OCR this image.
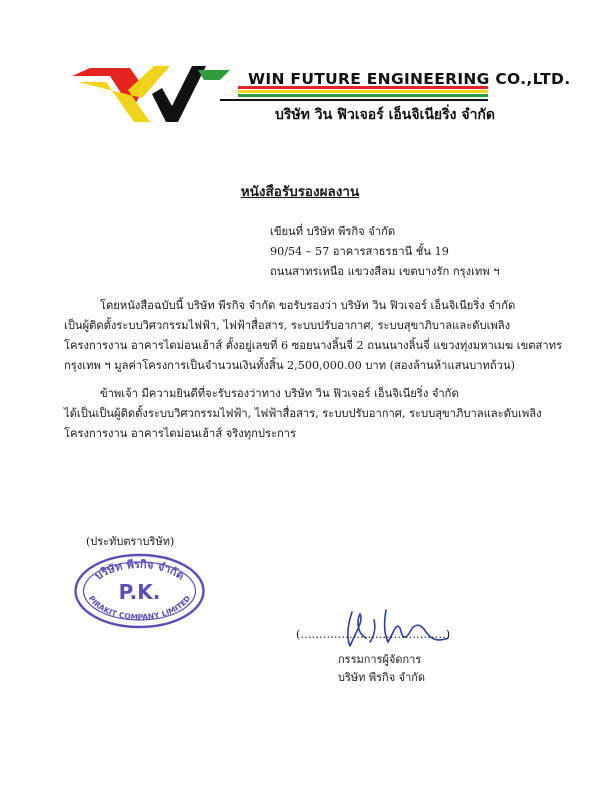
WIN FUTURE ENGINEERING CO.,LTD.
บริษัท วิน ฟิวเจอร์ เอ็นจิเนียริ่ง จำกัด
หนังสือรับรองผลงาน
เขียนที่ บริษัท พีรกิจ จำกัด
90/54 – 57 อาคารสาธรธานี ชั้น 19
ถนนสาทรเหนือ แขวงสีลม เขตบางรัก กรุงเทพ ฯ
โดยหนังสือฉบับนี้ บริษัท พีรกิจ จำกัด ขอรับรองว่า บริษัท วิน ฟิวเจอร์ เอ็นจิเนียริ่ง จำกัด
เป็นผู้ติดตั้งระบบวิศวกรรมไฟฟ้า, ไฟฟ้าสื่อสาร, ระบบปรับอากาศ, ระบบสุขาภิบาลและดับเพลิง
โครงการงาน อาคารไดม่อนเฮ้าส์ ตั้งอยู่เลขที่ 6 ซอยนางลิ้นจี่ 2 ถนนนางลิ้นจี่ แขวงทุ่งมหาเมฆ เขตสาทร
กรุงเทพ ฯ มูลค่าโครงการเป็นจำนวนเงินทั้งสิ้น 2,500,000.00 บาท (สองล้านห้าแสนบาทถ้วน)
ข้าพเจ้า มีความยินดีที่จะรับรองว่าทาง บริษัท วิน ฟิวเจอร์ เอ็นจิเนียริ่ง จำกัด
ได้เป็นเป็นผู้ติดตั้งระบบวิศวกรรมไฟฟ้า, ไฟฟ้าสื่อสาร, ระบบปรับอากาศ, ระบบสุขาภิบาลและดับเพลิง
โครงการงาน อาคารไดม่อนเฮ้าส์ จริงทุกประการ
(ประทับตราบริษัท)
บริษัท พีรกิจ จำกัด
P.K.
PIRAKIT COMPANY LIMITED
(…………………………………)
กรรมการผู้จัดการ
บริษัท พีรกิจ จำกัด
